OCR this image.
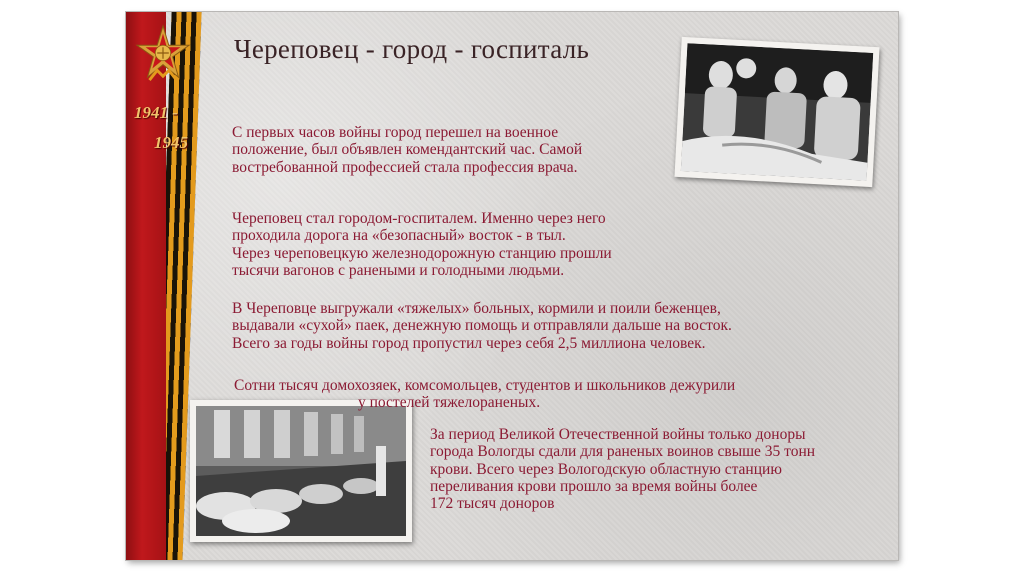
1941 -
1945
Череповец - город - госпиталь
С первых часов войны город перешел на военное
положение, был объявлен комендантский час. Самой
востребованной профессией стала профессия врача.
Череповец стал городом-госпиталем. Именно через него
проходила дорога на «безопасный» восток - в тыл.
Через череповецкую железнодорожную станцию прошли
тысячи вагонов с ранеными и голодными людьми.
В Череповце выгружали «тяжелых» больных, кормили и поили беженцев,
выдавали «сухой» паек, денежную помощь и отправляли дальше на восток.
Всего за годы войны город пропустил через себя 2,5 миллиона человек.
Сотни тысяч домохозяек, комсомольцев, студентов и школьников дежурили
у постелей тяжелораненых.
За период Великой Отечественной войны только доноры
города Вологды сдали для раненых воинов свыше 35 тонн
крови. Всего через Вологодскую областную станцию
переливания крови прошло за время войны более
172 тысяч доноров
